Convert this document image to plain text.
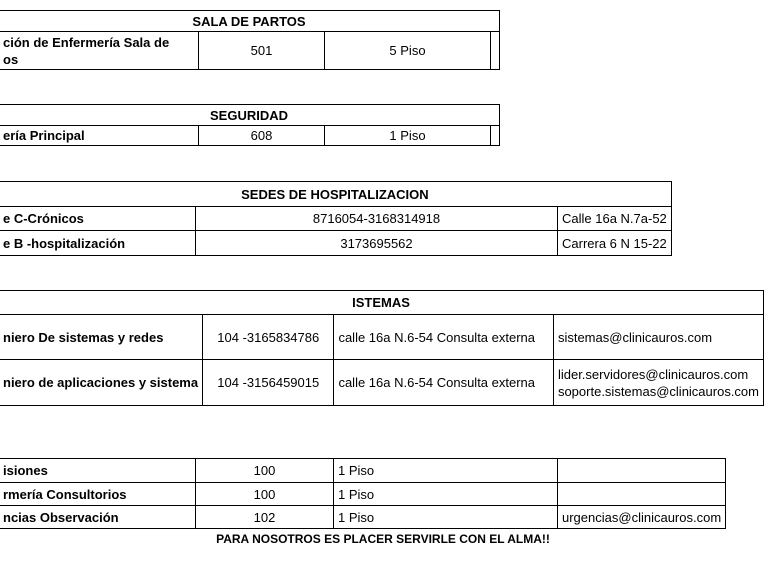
SALA DE PARTOS

ción de Enfermería Sala de
os
	501	5 Piso	
SEGURIDAD
ería Principal	608	1 Piso	
SEDES DE HOSPITALIZACION		
e C-Crónicos	8716054-3168314918	Calle 16a N.7a-52
e B -hospitalización	3173695562	Carrera 6 N 15-22
ISTEMAS			
niero De sistemas y redes	104 -3165834786	calle 16a N.6-54 Consulta externa	sistemas@clinicauros.com
niero de aplicaciones y sistema	104 -3156459015	calle 16a N.6-54 Consulta externa	lider.servidores@clinicauros.com
soporte.sistemas@clinicauros.com
isiones	100	1 Piso	
rmería Consultorios	100	1 Piso	
ncias Observación	102	1 Piso	urgencias@clinicauros.com
PARA NOSOTROS ES PLACER SERVIRLE CON EL ALMA!!
